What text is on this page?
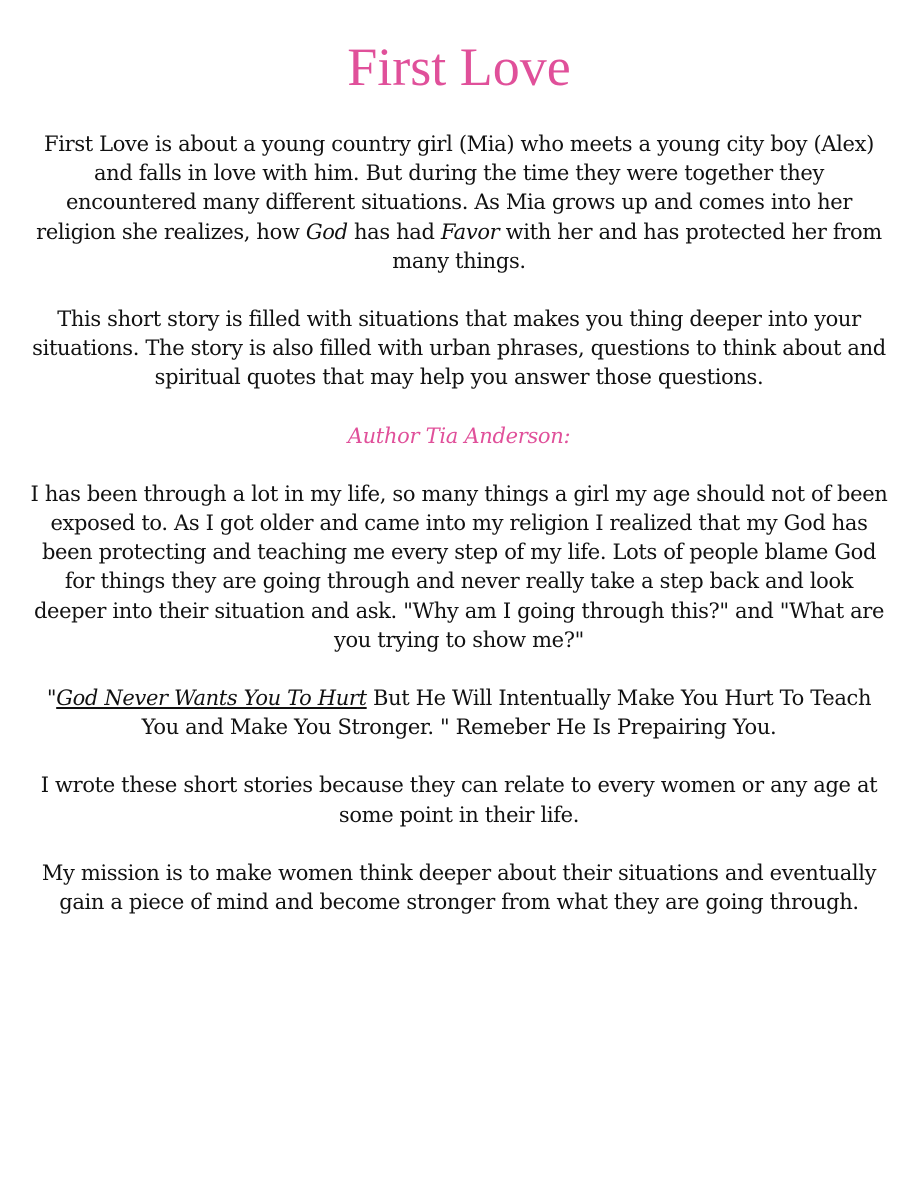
First Love

First Love is about a young country girl (Mia) who meets a young city boy (Alex) and falls in love with him. But during the time they were together they encountered many different situations. As Mia grows up and comes into her religion she realizes, how God has had Favor with her and has protected her from many things.

This short story is filled with situations that makes you thing deeper into your situations. The story is also filled with urban phrases, questions to think about and spiritual quotes that may help you answer those questions.

Author Tia Anderson:

I has been through a lot in my life, so many things a girl my age should not of been exposed to. As I got older and came into my religion I realized that my God has been protecting and teaching me every step of my life. Lots of people blame God for things they are going through and never really take a step back and look deeper into their situation and ask. "Why am I going through this?" and "What are you trying to show me?"

"God Never Wants You To Hurt But He Will Intentually Make You Hurt To Teach You and Make You Stronger. " Remeber He Is Prepairing You.

I wrote these short stories because they can relate to every women or any age at some point in their life.

My mission is to make women think deeper about their situations and eventually gain a piece of mind and become stronger from what they are going through.
